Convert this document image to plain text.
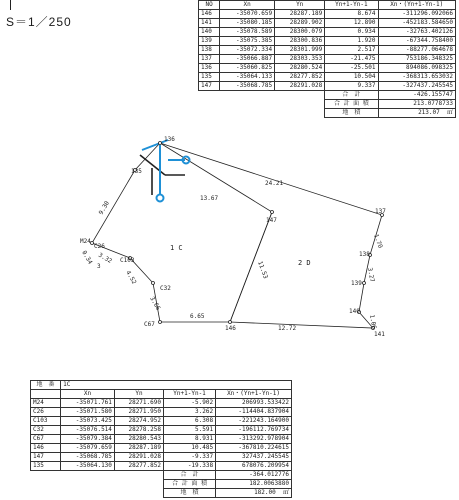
S＝1／250
NO	Xn	Yn	Yn+1-Yn-1	Xn・(Yn+1-Yn-1)
146	-35070.659	28287.189	8.674	-311296.092066
141	-35080.185	28289.902	12.890	-452183.584650
140	-35078.589	28300.079	0.934	-32763.402126
139	-35075.385	28300.836	1.920	-67344.758400
138	-35072.334	28301.999	2.517	-88277.064678
137	-35066.887	28303.353	-21.475	753186.348325
136	-35060.825	28280.524	-25.501	894086.098325
135	-35064.133	28277.852	10.504	-368313.653032
147	-35068.785	28291.028	9.337	-327437.245545
			合　計	-426.155747
			合 計 面 積	213.0778733
			地　積	213.07 ㎡
136
135
137
138
139
140
141
146
147
C67
C32
C103
C26
M24
1 C
2 D
24.21
13.67
9.30
11.53
1.70
3.27
1.06
6.65
12.72
3.66
4.52
3.32
0.34
3
地　番	1C			
	Xn	Yn	Yn+1-Yn-1	Xn・(Yn+1-Yn-1)
M24	-35071.761	28271.690	-5.902	206993.533422
C26	-35071.580	28271.950	3.262	-114404.837904
C103	-35073.425	28274.952	6.308	-221243.164900
C32	-35076.514	28278.258	5.591	-196112.769734
C67	-35079.384	28280.543	8.931	-313292.978904
146	-35079.659	28287.189	10.485	-367810.224615
147	-35068.785	28291.028	-9.337	327437.245545
135	-35064.130	28277.852	-19.338	678076.209954
			合　計	-364.012776
			合 計 面 積	182.0063880
			地　積	182.00 ㎡
